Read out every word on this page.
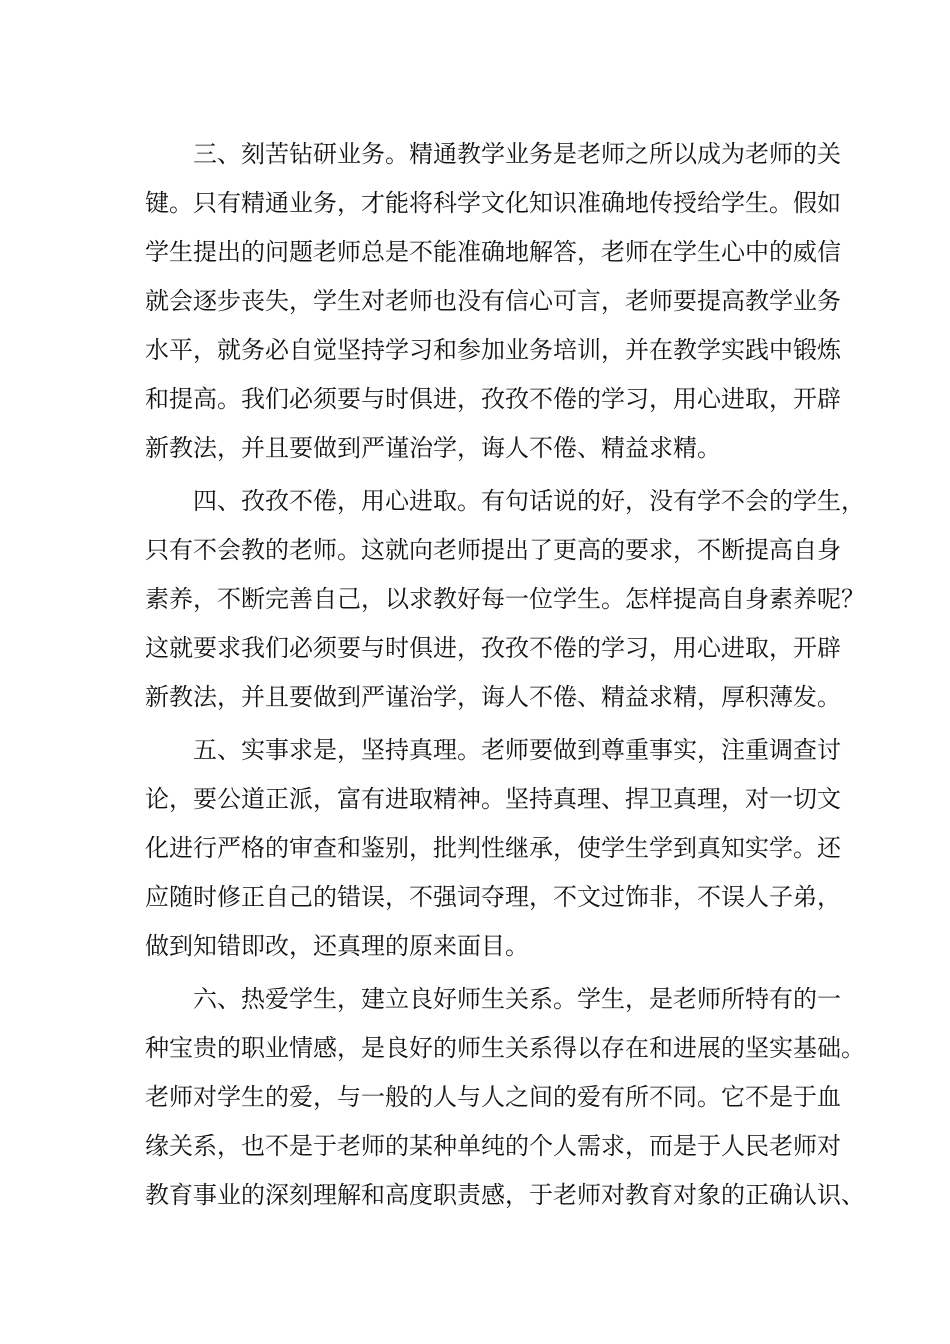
三、刻苦钻研业务。精通教学业务是老师之所以成为老师的关
键。只有精通业务，才能将科学文化知识准确地传授给学生。假如
学生提出的问题老师总是不能准确地解答，老师在学生心中的威信
就会逐步丧失，学生对老师也没有信心可言，老师要提高教学业务
水平，就务必自觉坚持学习和参加业务培训，并在教学实践中锻炼
和提高。我们必须要与时俱进，孜孜不倦的学习，用心进取，开辟
新教法，并且要做到严谨治学，诲人不倦、精益求精。
四、孜孜不倦，用心进取。有句话说的好，没有学不会的学生，
只有不会教的老师。这就向老师提出了更高的要求，不断提高自身
素养，不断完善自己，以求教好每一位学生。怎样提高自身素养呢？
这就要求我们必须要与时俱进，孜孜不倦的学习，用心进取，开辟
新教法，并且要做到严谨治学，诲人不倦、精益求精，厚积薄发。
五、实事求是，坚持真理。老师要做到尊重事实，注重调查讨
论，要公道正派，富有进取精神。坚持真理、捍卫真理，对一切文
化进行严格的审查和鉴别，批判性继承，使学生学到真知实学。还
应随时修正自己的错误，不强词夺理，不文过饰非，不误人子弟，
做到知错即改，还真理的原来面目。
六、热爱学生，建立良好师生关系。学生，是老师所特有的一
种宝贵的职业情感，是良好的师生关系得以存在和进展的坚实基础。
老师对学生的爱，与一般的人与人之间的爱有所不同。它不是于血
缘关系，也不是于老师的某种单纯的个人需求，而是于人民老师对
教育事业的深刻理解和高度职责感，于老师对教育对象的正确认识、
